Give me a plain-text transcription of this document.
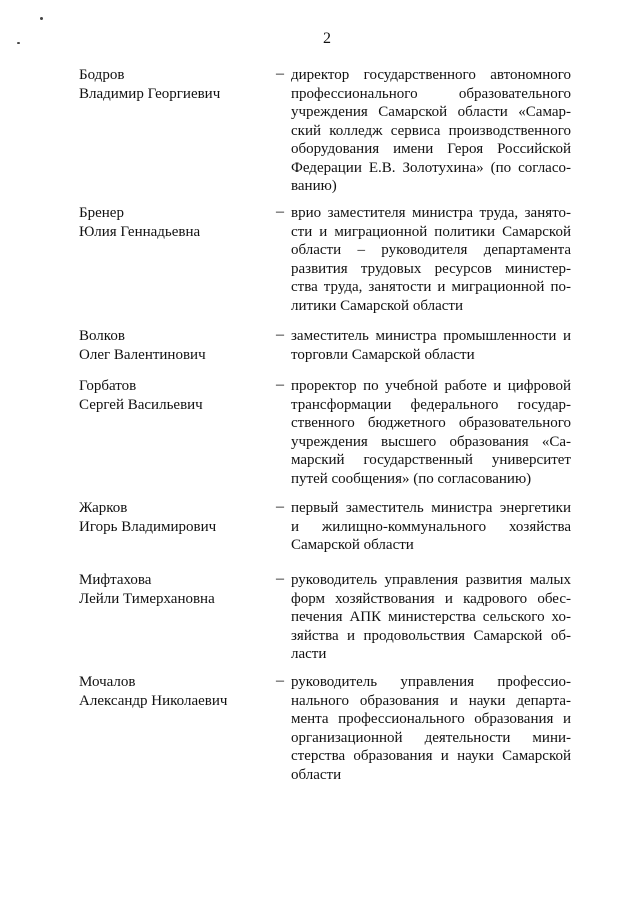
2
Бодров
Владимир Георгиевич
– директор государственного автономного
профессионального образовательного
учреждения Самарской области «Самар-
ский колледж сервиса производственного
оборудования имени Героя Российской
Федерации Е.В. Золотухина» (по согласо-
ванию)
Бренер
Юлия Геннадьевна
– врио заместителя министра труда, занято-
сти и миграционной политики Самарской
области – руководителя департамента
развития трудовых ресурсов министер-
ства труда, занятости и миграционной по-
литики Самарской области
Волков
Олег Валентинович
– заместитель министра промышленности и
торговли Самарской области
Горбатов
Сергей Васильевич
– проректор по учебной работе и цифровой
трансформации федерального государ-
ственного бюджетного образовательного
учреждения высшего образования «Са-
марский государственный университет
путей сообщения» (по согласованию)
Жарков
Игорь Владимирович
– первый заместитель министра энергетики
и жилищно-коммунального хозяйства
Самарской области
Мифтахова
Лейли Тимерхановна
– руководитель управления развития малых
форм хозяйствования и кадрового обес-
печения АПК министерства сельского хо-
зяйства и продовольствия Самарской об-
ласти
Мочалов
Александр Николаевич
– руководитель управления профессио-
нального образования и науки департа-
мента профессионального образования и
организационной деятельности мини-
стерства образования и науки Самарской
области
